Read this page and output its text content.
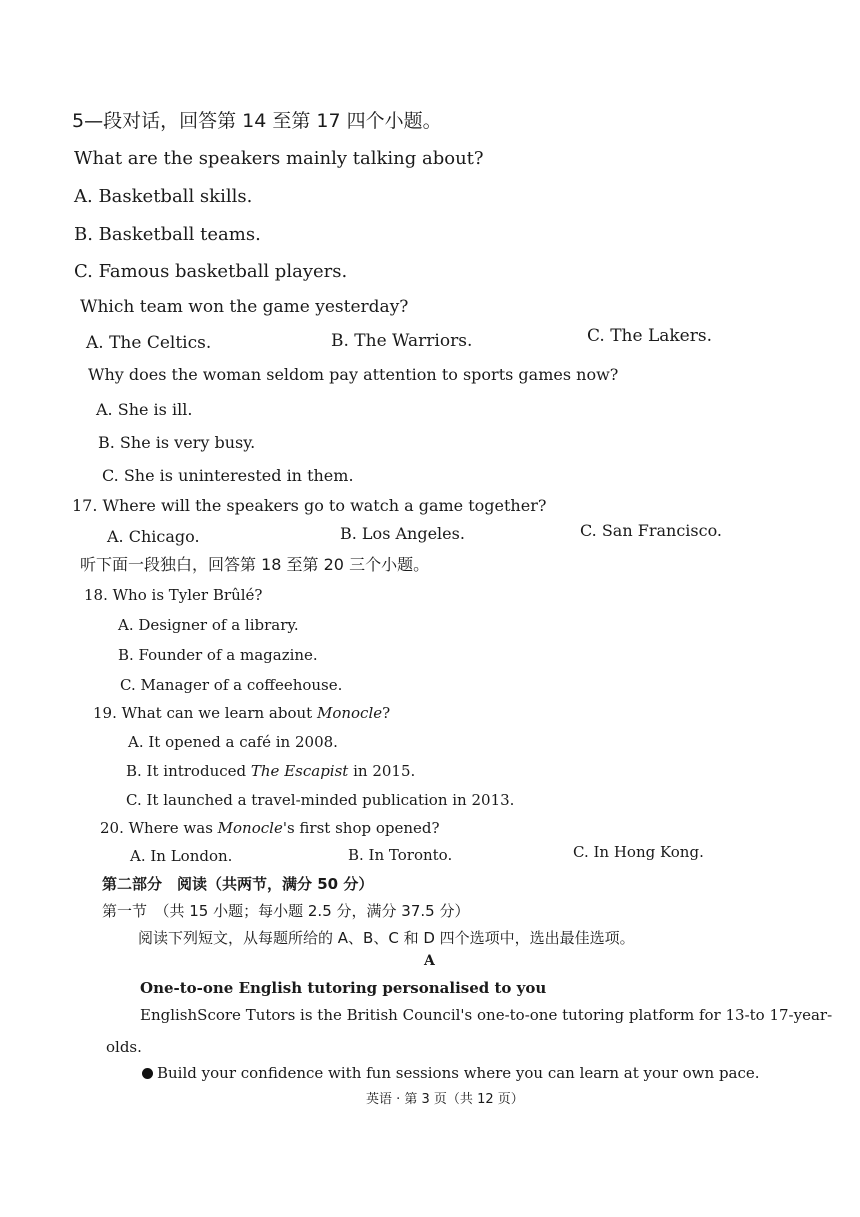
5—段对话，回答第 14 至第 17 四个小题。
What are the speakers mainly talking about?
A. Basketball skills.
B. Basketball teams.
C. Famous basketball players.
Which team won the game yesterday?
A. The Celtics.	B. The Warriors.	C. The Lakers.
Why does the woman seldom pay attention to sports games now?
A. She is ill.
B. She is very busy.
C. She is uninterested in them.
17. Where will the speakers go to watch a game together?
A. Chicago.	B. Los Angeles.	C. San Francisco.
听下面一段独白，回答第 18 至第 20 三个小题。
18. Who is Tyler Brûlé?
A. Designer of a library.
B. Founder of a magazine.
C. Manager of a coffeehouse.
19. What can we learn about Monocle?
A. It opened a café in 2008.
B. It introduced The Escapist in 2015.
C. It launched a travel-minded publication in 2013.
20. Where was Monocle's first shop opened?
A. In London.	B. In Toronto.	C. In Hong Kong.
第二部分　阅读（共两节，满分 50 分）
第一节　（共 15 小题；每小题 2.5 分，满分 37.5 分）
阅读下列短文，从每题所给的 A、B、C 和 D 四个选项中，选出最佳选项。
A
One-to-one English tutoring personalised to you
EnglishScore Tutors is the British Council's one-to-one tutoring platform for 13-to 17-year-
olds.
Build your confidence with fun sessions where you can learn at your own pace.
英语 · 第 3 页（共 12 页）
